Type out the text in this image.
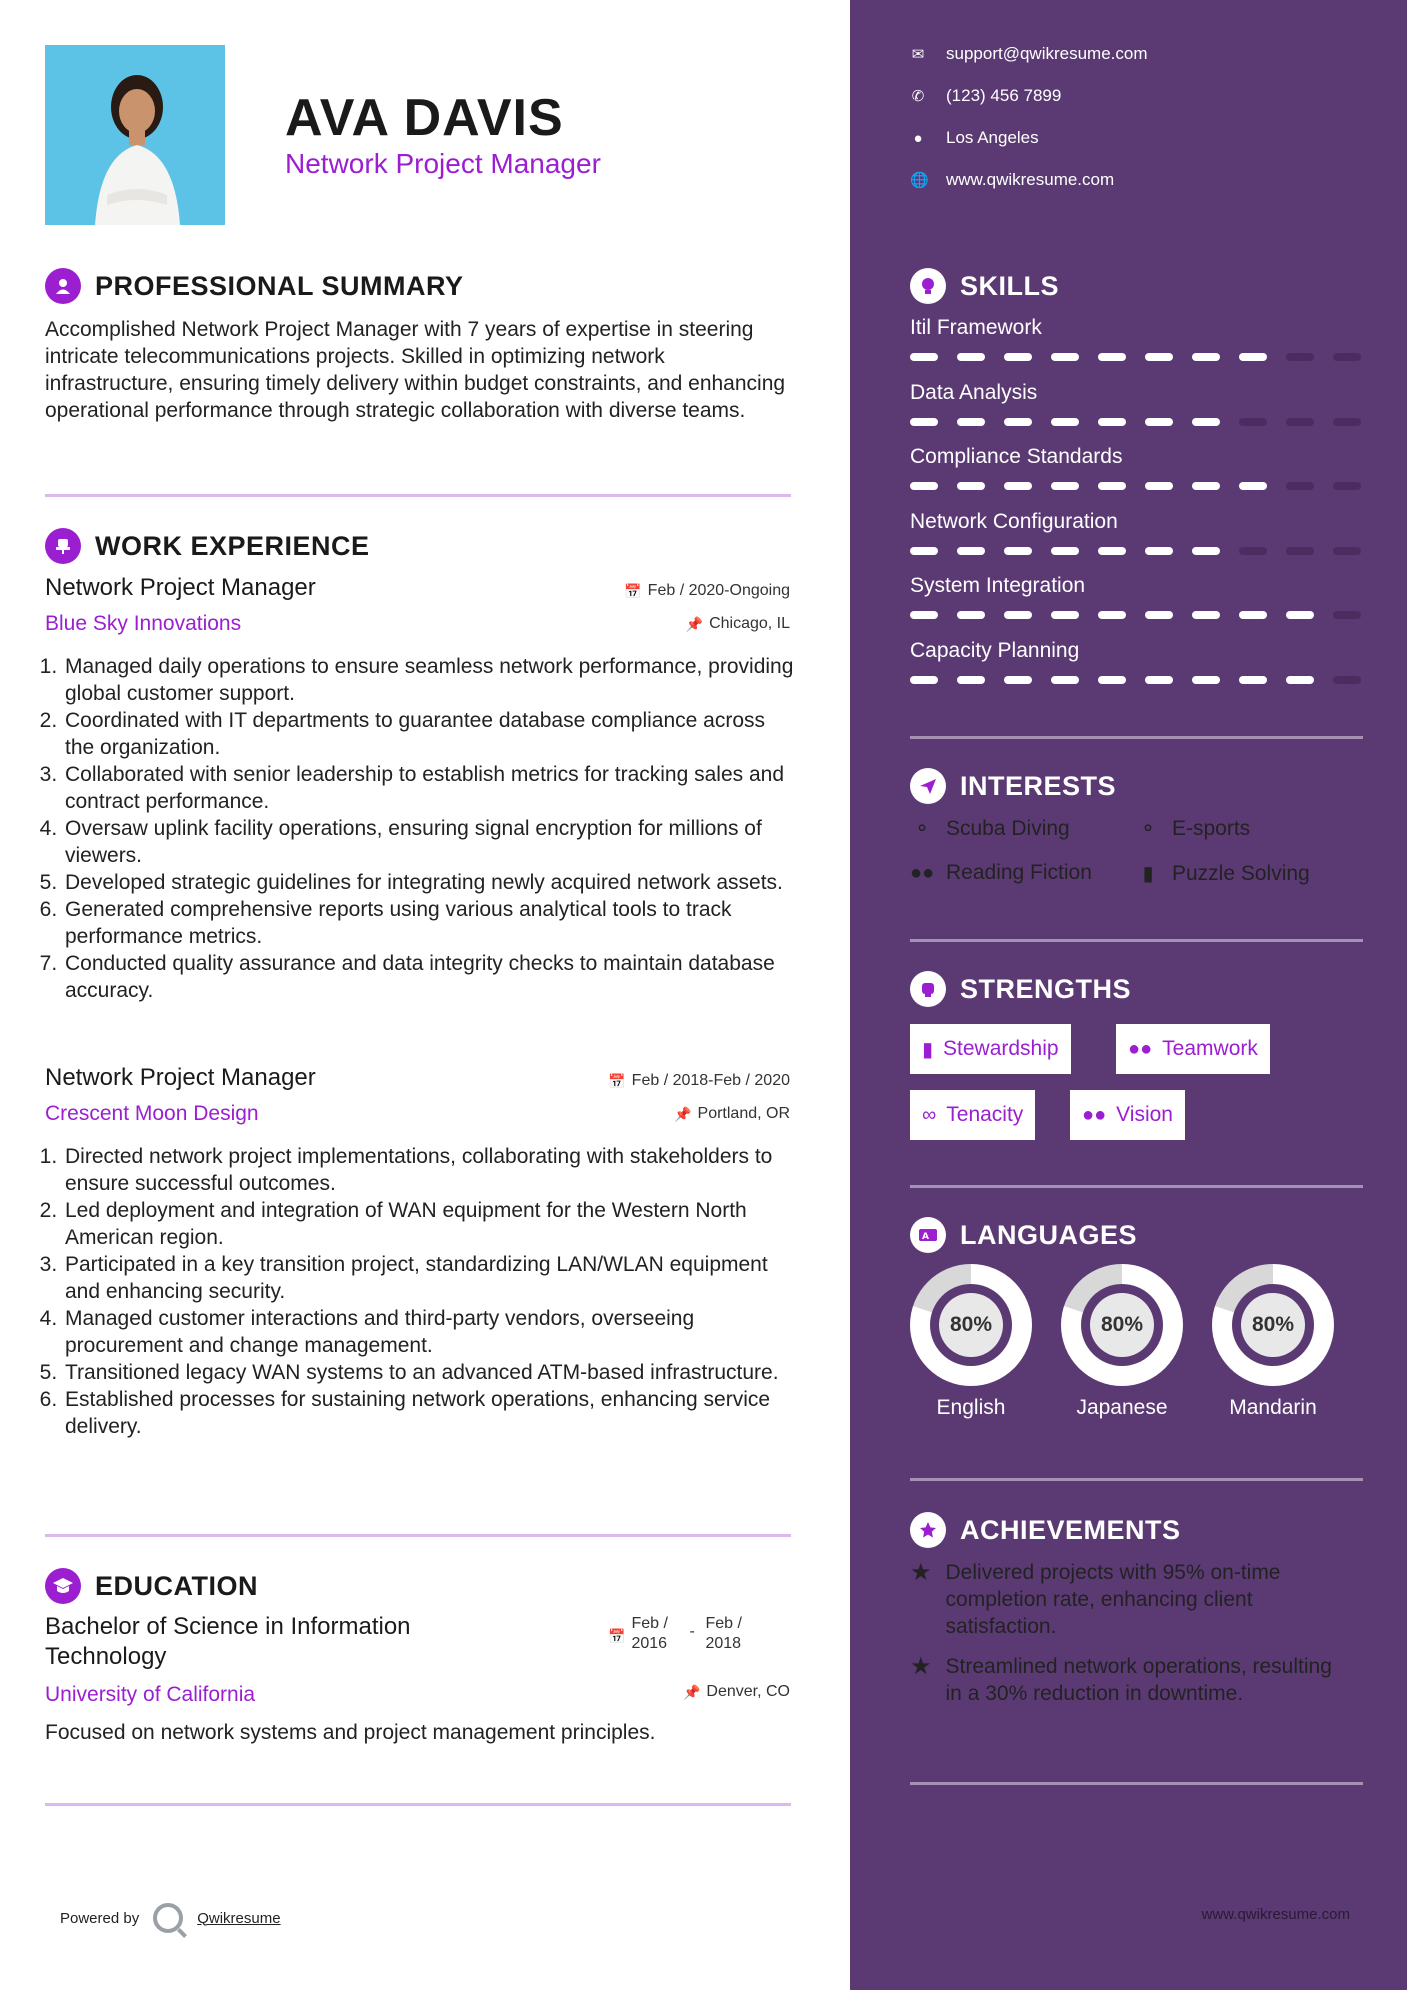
AVA DAVIS
Network Project Manager
PROFESSIONAL SUMMARY
Accomplished Network Project Manager with 7 years of expertise in steering intricate telecommunications projects. Skilled in optimizing network infrastructure, ensuring timely delivery within budget constraints, and enhancing operational performance through strategic collaboration with diverse teams.
WORK EXPERIENCE
Network Project Manager	📅 Feb / 2020-Ongoing
Blue Sky Innovations	📌 Chicago, IL
1. Managed daily operations to ensure seamless network performance, providing global customer support.
2. Coordinated with IT departments to guarantee database compliance across the organization.
3. Collaborated with senior leadership to establish metrics for tracking sales and contract performance.
4. Oversaw uplink facility operations, ensuring signal encryption for millions of viewers.
5. Developed strategic guidelines for integrating newly acquired network assets.
6. Generated comprehensive reports using various analytical tools to track performance metrics.
7. Conducted quality assurance and data integrity checks to maintain database accuracy.
Network Project Manager	📅 Feb / 2018-Feb / 2020
Crescent Moon Design	📌 Portland, OR
1. Directed network project implementations, collaborating with stakeholders to ensure successful outcomes.
2. Led deployment and integration of WAN equipment for the Western North American region.
3. Participated in a key transition project, standardizing LAN/WLAN equipment and enhancing security.
4. Managed customer interactions and third-party vendors, overseeing procurement and change management.
5. Transitioned legacy WAN systems to an advanced ATM-based infrastructure.
6. Established processes for sustaining network operations, enhancing service delivery.
EDUCATION
Bachelor of Science in Information Technology
📅
Feb / 2016
- Feb / 2018
University of California	📌 Denver, CO
Focused on network systems and project management principles.
Powered by	Qwikresume
✉ support@qwikresume.com
✆ (123) 456 7899
● Los Angeles
🌐 www.qwikresume.com
SKILLS
Itil Framework
Data Analysis
Compliance Standards
Network Configuration
System Integration
Capacity Planning
INTERESTS
⚬ Scuba Diving	⚬ E-sports
●● Reading Fiction	▮ Puzzle Solving
STRENGTHS
▮ Stewardship	●● Teamwork
∞ Tenacity	●● Vision
A LANGUAGES
80%
English
80%
Japanese
80%
Mandarin
ACHIEVEMENTS
★ Delivered projects with 95% on-time completion rate, enhancing client satisfaction.
★ Streamlined network operations, resulting in a 30% reduction in downtime.
www.qwikresume.com
